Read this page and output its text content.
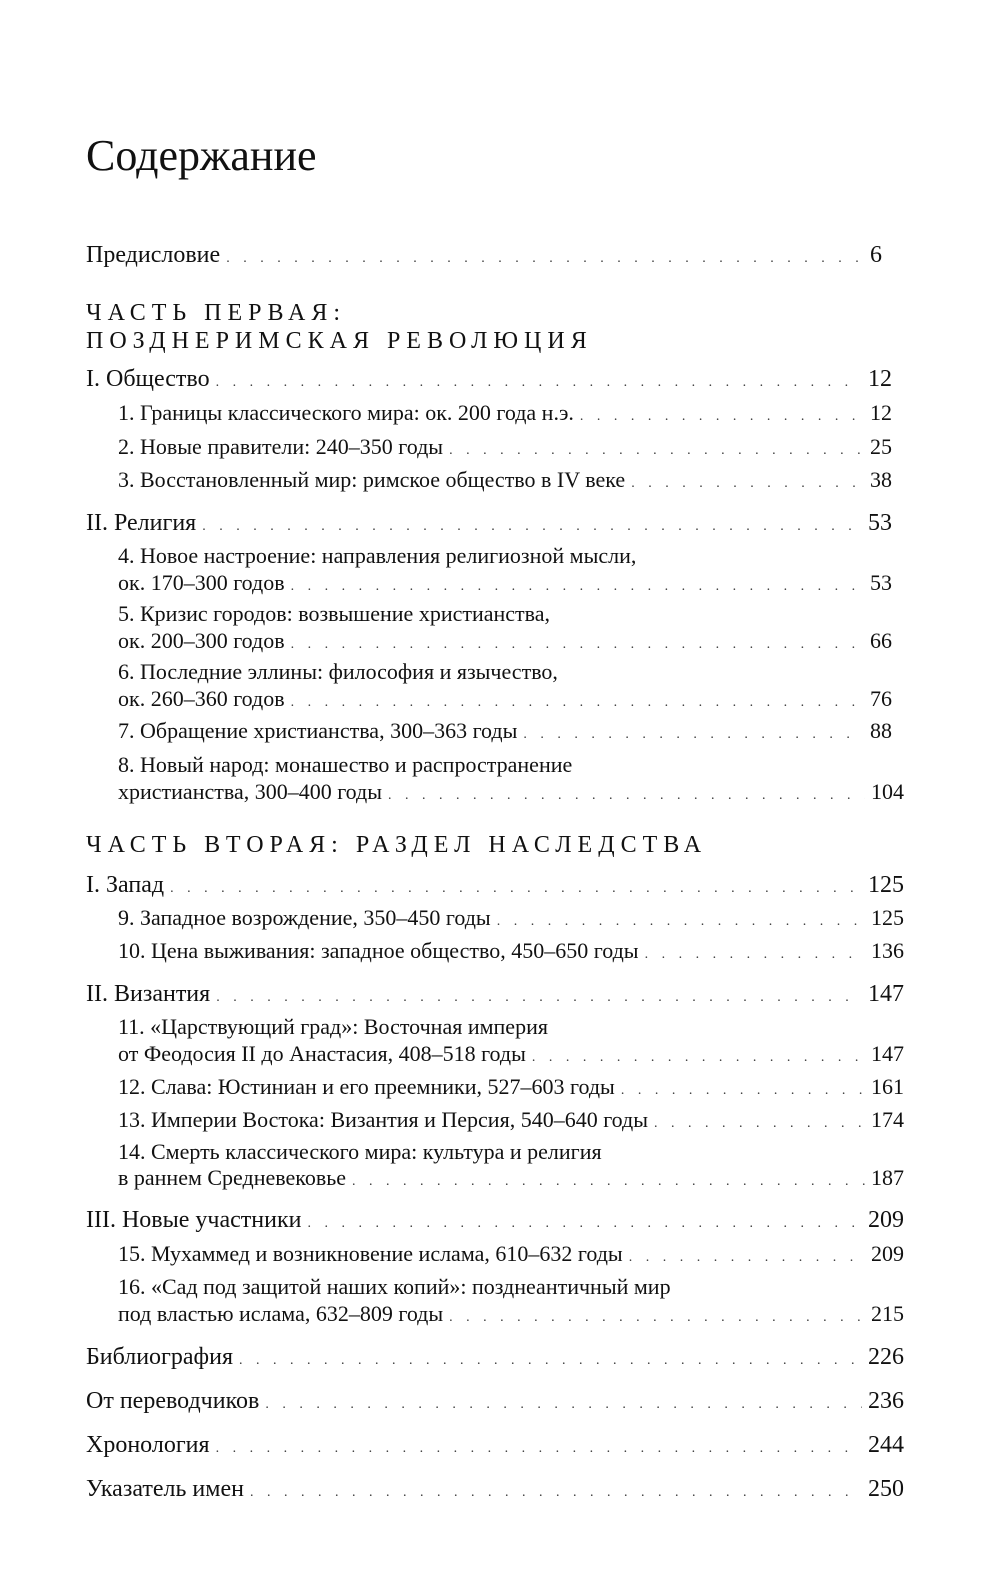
Содержание
Предисловие . . .	6
ЧАСТЬ ПЕРВАЯ:
ПОЗДНЕРИМСКАЯ РЕВОЛЮЦИЯ
I. Общество . . .	12
1. Границы классического мира: ок. 200 года н.э. . . .	12
2. Новые правители: 240–350 годы . . .	25
3. Восстановленный мир: римское общество в IV веке . . .	38
II. Религия . . .	53
4. Новое настроение: направления религиозной мысли,
ок. 170–300 годов . . .	53
5. Кризис городов: возвышение христианства,
ок. 200–300 годов . . .	66
6. Последние эллины: философия и язычество,
ок. 260–360 годов . . .	76
7. Обращение христианства, 300–363 годы . . .	88
8. Новый народ: монашество и распространение
христианства, 300–400 годы . . .	104
ЧАСТЬ ВТОРАЯ: РАЗДЕЛ НАСЛЕДСТВА
I. Запад . . .	125
9. Западное возрождение, 350–450 годы . . .	125
10. Цена выживания: западное общество, 450–650 годы . . .	136
II. Византия . . .	147
11. «Царствующий град»: Восточная империя
от Феодосия II до Анастасия, 408–518 годы . . .	147
12. Слава: Юстиниан и его преемники, 527–603 годы . . .	161
13. Империи Востока: Византия и Персия, 540–640 годы . . .	174
14. Смерть классического мира: культура и религия
в раннем Средневековье . . .	187
III. Новые участники . . .	209
15. Мухаммед и возникновение ислама, 610–632 годы . . .	209
16. «Сад под защитой наших копий»: позднеантичный мир
под властью ислама, 632–809 годы . . .	215
Библиография . . .	226
От переводчиков . . .	236
Хронология . . .	244
Указатель имен . . .	250
